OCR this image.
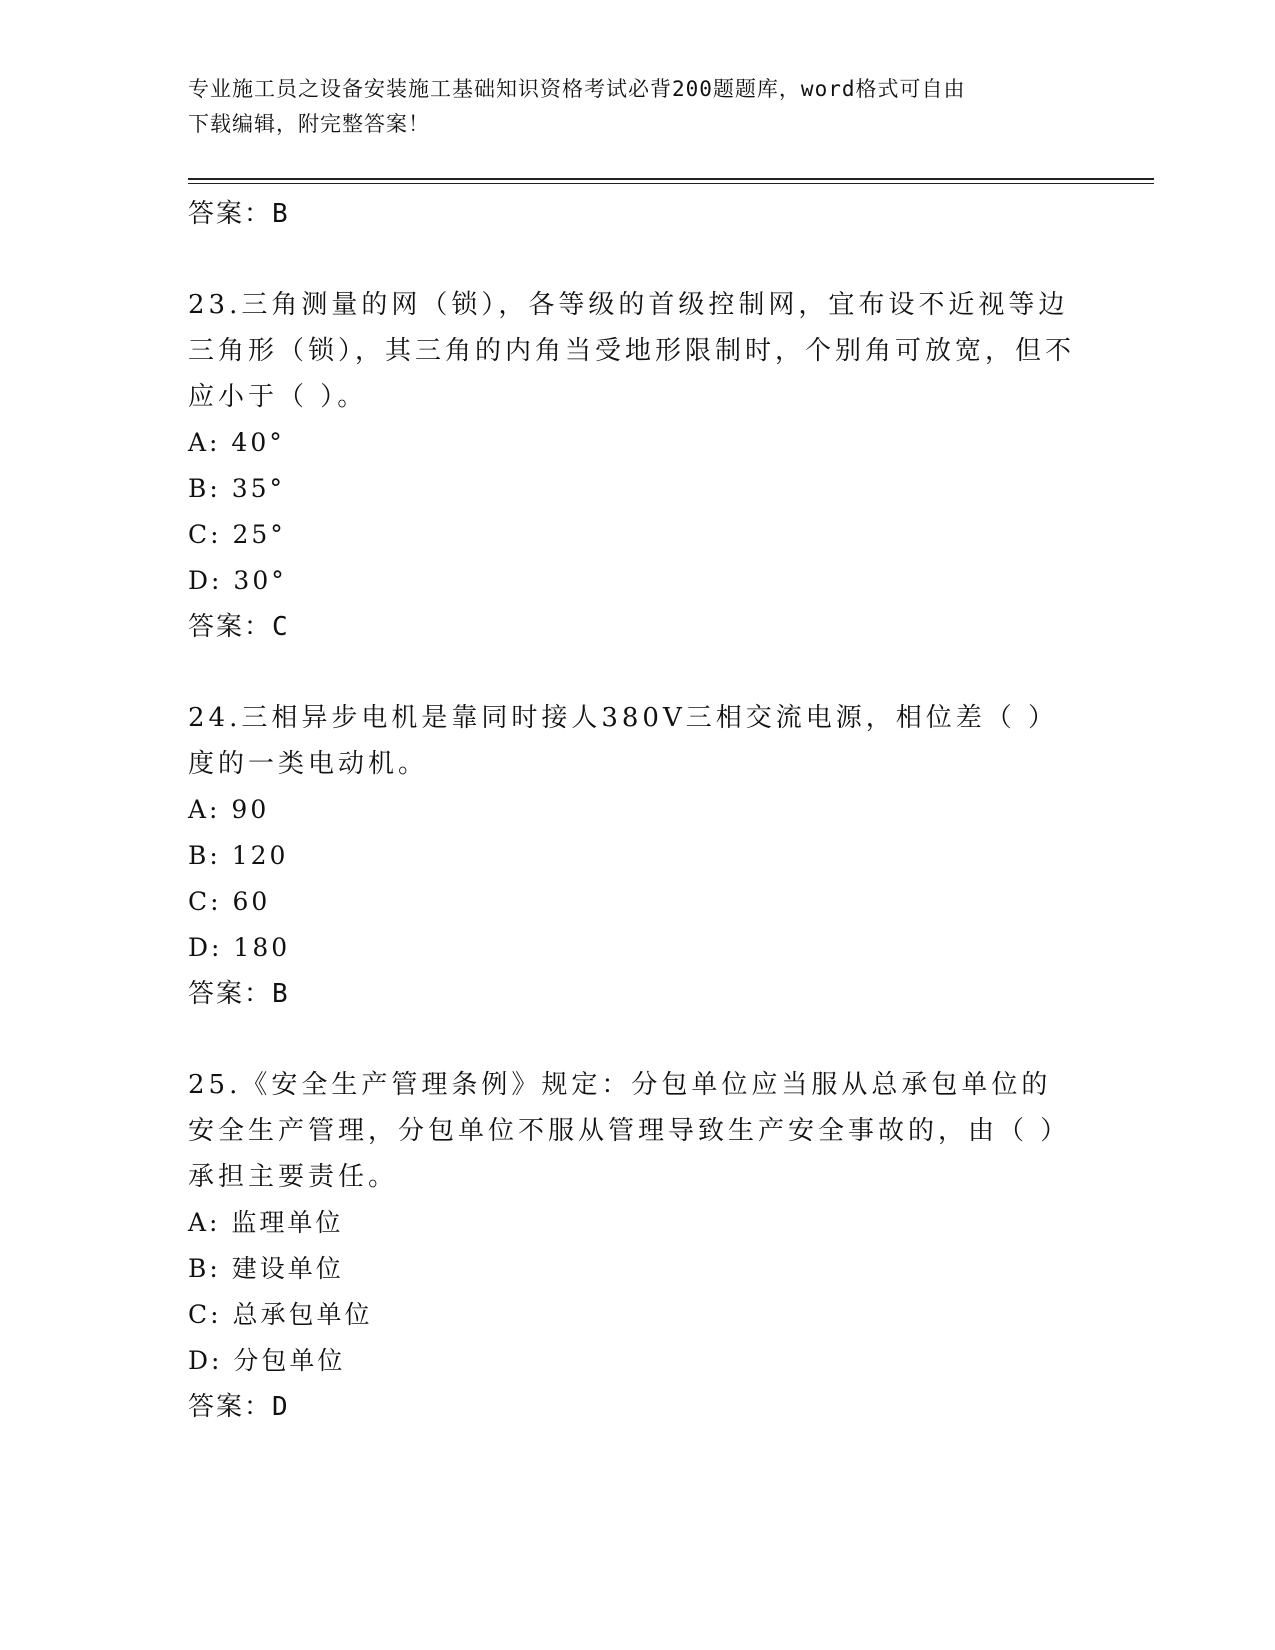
专业施工员之设备安装施工基础知识资格考试必背200题题库，word格式可自由
下载编辑，附完整答案！

答案：B

23.三角测量的网（锁），各等级的首级控制网，宜布设不近视等边三角形（锁），其三角的内角当受地形限制时，个别角可放宽，但不应小于（ ）。

A: 40°

B: 35°

C: 25°

D: 30°

答案：C

24.三相异步电机是靠同时接人380V三相交流电源，相位差（ ）度的一类电动机。

A: 90

B: 120

C: 60

D: 180

答案：B

25.《安全生产管理条例》规定：分包单位应当服从总承包单位的安全生产管理，分包单位不服从管理导致生产安全事故的，由（ ）承担主要责任。

A: 监理单位

B: 建设单位

C: 总承包单位

D: 分包单位

答案：D
